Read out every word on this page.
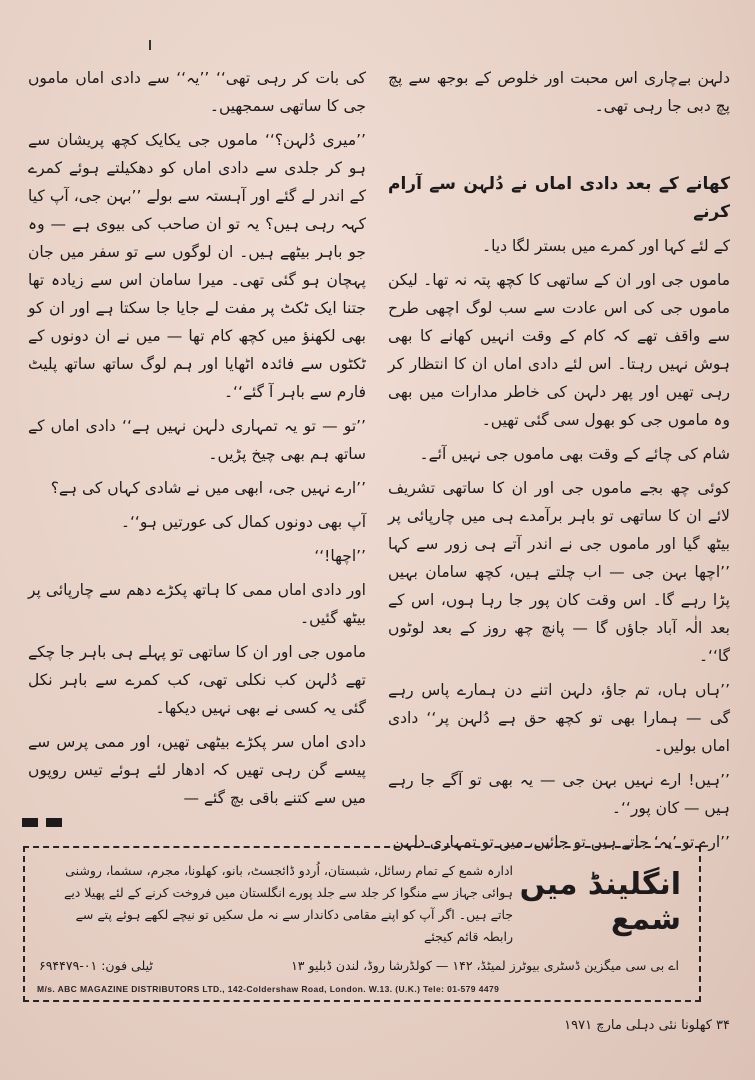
دلہن بےچاری اس محبت اور خلوص کے بوجھ سے پچ پچ دبی جا رہی تھی۔

کھانے کے بعد دادی اماں نے دُلہن سے آرام کرنے

کے لئے کہا اور کمرے میں بستر لگا دیا۔

ماموں جی اور ان کے ساتھی کا کچھ پتہ نہ تھا۔ لیکن ماموں جی کی اس عادت سے سب لوگ اچھی طرح سے واقف تھے کہ کام کے وقت انہیں کھانے کا بھی ہوش نہیں رہتا۔ اس لئے دادی اماں ان کا انتظار کر رہی تھیں اور پھر دلہن کی خاطر مدارات میں بھی وہ ماموں جی کو بھول سی گئی تھیں۔

شام کی چائے کے وقت بھی ماموں جی نہیں آئے۔

کوئی چھ بجے ماموں جی اور ان کا ساتھی تشریف لائے ان کا ساتھی تو باہر برآمدے ہی میں چارپائی پر بیٹھ گیا اور ماموں جی نے اندر آتے ہی زور سے کہا ’’اچھا بہن جی — اب چلتے ہیں، کچھ سامان بہیں پڑا رہے گا۔ اس وقت کان پور جا رہا ہوں، اس کے بعد الٰہ آباد جاؤں گا — پانچ چھ روز کے بعد لوٹوں گا‘‘۔

’’ہاں ہاں، تم جاؤ، دلہن اتنے دن ہمارے پاس رہے گی — ہمارا بھی تو کچھ حق ہے دُلہن پر‘‘ دادی اماں بولیں۔

’’ہیں! ارے نہیں بہن جی — یہ بھی تو آگے جا رہے ہیں — کان پور‘‘۔

’’ارے تو ’یہ‘ جاتے ہیں تو جائیں، میں تو تمہاری دلہن

کی بات کر رہی تھی‘‘ ’’یہ‘‘ سے دادی اماں ماموں جی کا ساتھی سمجھیں۔

’’میری دُلہن؟‘‘ ماموں جی یکایک کچھ پریشان سے ہو کر جلدی سے دادی اماں کو دھکیلتے ہوئے کمرے کے اندر لے گئے اور آہستہ سے بولے ’’بہن جی، آپ کیا کہہ رہی ہیں؟ یہ تو ان صاحب کی بیوی ہے — وہ جو باہر بیٹھے ہیں۔ ان لوگوں سے تو سفر میں جان پہچان ہو گئی تھی۔ میرا سامان اس سے زیادہ تھا جتنا ایک ٹکٹ پر مفت لے جایا جا سکتا ہے اور ان کو بھی لکھنؤ میں کچھ کام تھا — میں نے ان دونوں کے ٹکٹوں سے فائدہ اٹھایا اور ہم لوگ ساتھ ساتھ پلیٹ فارم سے باہر آ گئے‘‘۔

’’تو — تو یہ تمہاری دلہن نہیں ہے‘‘ دادی اماں کے ساتھ ہم بھی چیخ پڑیں۔

’’ارے نہیں جی، ابھی میں نے شادی کہاں کی ہے؟

آپ بھی دونوں کمال کی عورتیں ہو‘‘۔

’’اچھا!‘‘

اور دادی اماں ممی کا ہاتھ پکڑے دھم سے چارپائی پر بیٹھ گئیں۔

ماموں جی اور ان کا ساتھی تو پہلے ہی باہر جا چکے تھے دُلہن کب نکلی تھی، کب کمرے سے باہر نکل گئی یہ کسی نے بھی نہیں دیکھا۔

دادی اماں سر پکڑے بیٹھی تھیں، اور ممی پرس سے پیسے گن رہی تھیں کہ ادھار لئے ہوئے تیس روپوں میں سے کتنے باقی بچ گئے —

انگلینڈ میں شمع
ادارہ شمع کے تمام رسائل، شبستان، اُردو ڈائجسٹ، بانو، کھلونا، مجرم، سشما، روشنی ہوائی جہاز سے منگوا کر جلد سے جلد پورے انگلستان میں فروخت کرنے کے لئے پھیلا دیے جاتے ہیں۔ اگر آپ کو اپنے مقامی دکاندار سے نہ مل سکیں تو نیچے لکھے ہوئے پتے سے رابطہ قائم کیجئے
ٹیلی فون: ۰۱-۶۹۴۴۷۹	اے بی سی میگزین ڈسٹری بیوٹرز لمیٹڈ، ۱۴۲ — کولڈرشا روڈ، لندن ڈبلیو ۱۳
M/s. ABC MAGAZINE DISTRIBUTORS LTD., 142-Coldershaw Road, London. W.13. (U.K.) Tele: 01-579 4479
۳۴ کھلونا نئی دہلی مارچ ۱۹۷۱
